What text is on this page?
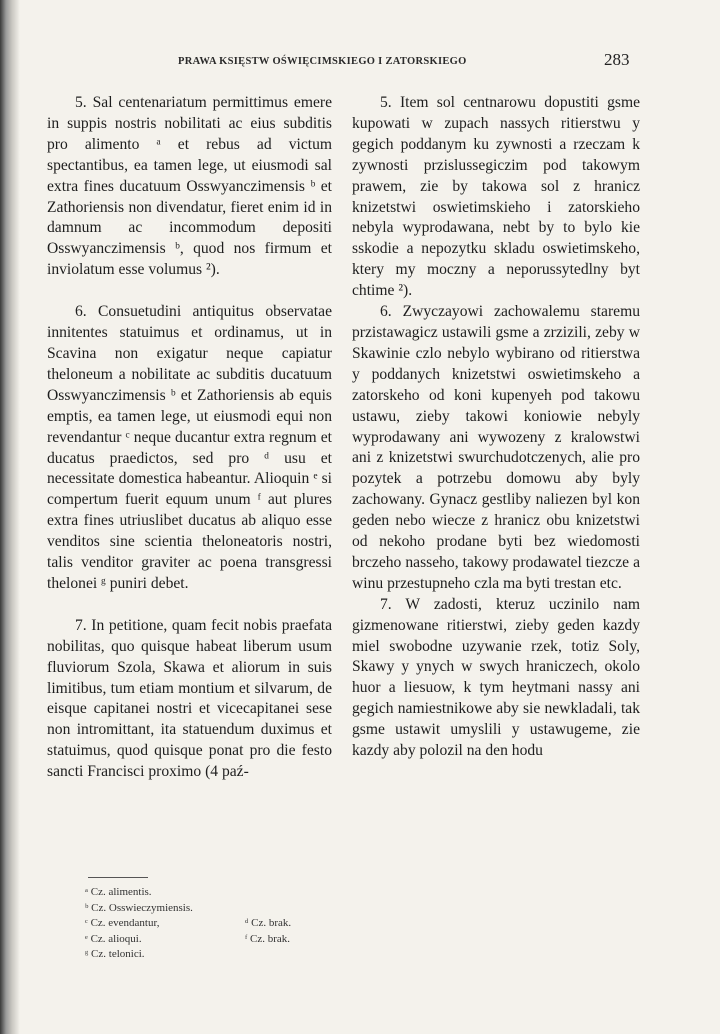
PRAWA KSIĘSTW OŚWIĘCIMSKIEGO I ZATORSKIEGO	283

5. Sal centenariatum permittimus emere in suppis nostris nobilitati ac eius subditis pro alimento ᵃ et rebus ad victum spectantibus, ea tamen lege, ut eiusmodi sal extra fines ducatuum Osswyanczimensis ᵇ et Zathoriensis non divendatur, fieret enim id in damnum ac incommodum depositi Osswyanczimensis ᵇ, quod nos firmum et inviolatum esse volumus ²).

6. Consuetudini antiquitus observatae innitentes statuimus et ordinamus, ut in Scavina non exigatur neque capiatur theloneum a nobilitate ac subditis ducatuum Osswyanczimensis ᵇ et Zathoriensis ab equis emptis, ea tamen lege, ut eiusmodi equi non revendantur ᶜ neque ducantur extra regnum et ducatus praedictos, sed pro ᵈ usu et necessitate domestica habeantur. Alioquin ᵉ si compertum fuerit equum unum ᶠ aut plures extra fines utriuslibet ducatus ab aliquo esse venditos sine scientia theloneatoris nostri, talis venditor graviter ac poena transgressi thelonei ᵍ puniri debet.

7. In petitione, quam fecit nobis praefata nobilitas, quo quisque habeat liberum usum fluviorum Szola, Skawa et aliorum in suis limitibus, tum etiam montium et silvarum, de eisque capitanei nostri et vicecapitanei sese non intromittant, ita statuendum duximus et statuimus, quod quisque ponat pro die festo sancti Francisci proximo (4 paź-

5. Item sol centnarowu dopustiti gsme kupowati w zupach nassych ritierstwu y gegich poddanym ku zywnosti a rzeczam k zywnosti przislussegiczim pod takowym prawem, zie by takowa sol z hranicz knizetstwi oswietimskieho i zatorskieho nebyla wyprodawana, nebt by to bylo kie sskodie a nepozytku skladu oswietimskeho, ktery my moczny a neporussytedlny byt chtime ²).

6. Zwyczayowi zachowalemu staremu przistawagicz ustawili gsme a zrzizili, zeby w Skawinie czlo nebylo wybirano od ritierstwa y poddanych knizetstwi oswietimskeho a zatorskeho od koni kupenyeh pod takowu ustawu, zieby takowi koniowie nebyly wyprodawany ani wywozeny z kralowstwi ani z knizetstwi swurchudotczenych, alie pro pozytek a potrzebu domowu aby byly zachowany. Gynacz gestliby naliezen byl kon geden nebo wiecze z hranicz obu knizetstwi od nekoho prodane byti bez wiedomosti brczeho nasseho, takowy prodawatel tiezcze a winu przestupneho czla ma byti trestan etc.

7. W zadosti, kteruz uczinilo nam gizmenowane ritierstwi, zieby geden kazdy miel swobodne uzywanie rzek, totiz Soly, Skawy y ynych w swych hraniczech, okolo huor a liesuow, k tym heytmani nassy ani gegich namiestnikowe aby sie newkladali, tak gsme ustawit umyslili y ustawugeme, zie kazdy aby polozil na den hodu

ᵃ Cz. alimentis.
ᵇ Cz. Osswieczymiensis.
ᶜ Cz. evendantur,	ᵈ Cz. brak.
ᵉ Cz. alioqui.	ᶠ Cz. brak.
ᵍ Cz. telonici.
